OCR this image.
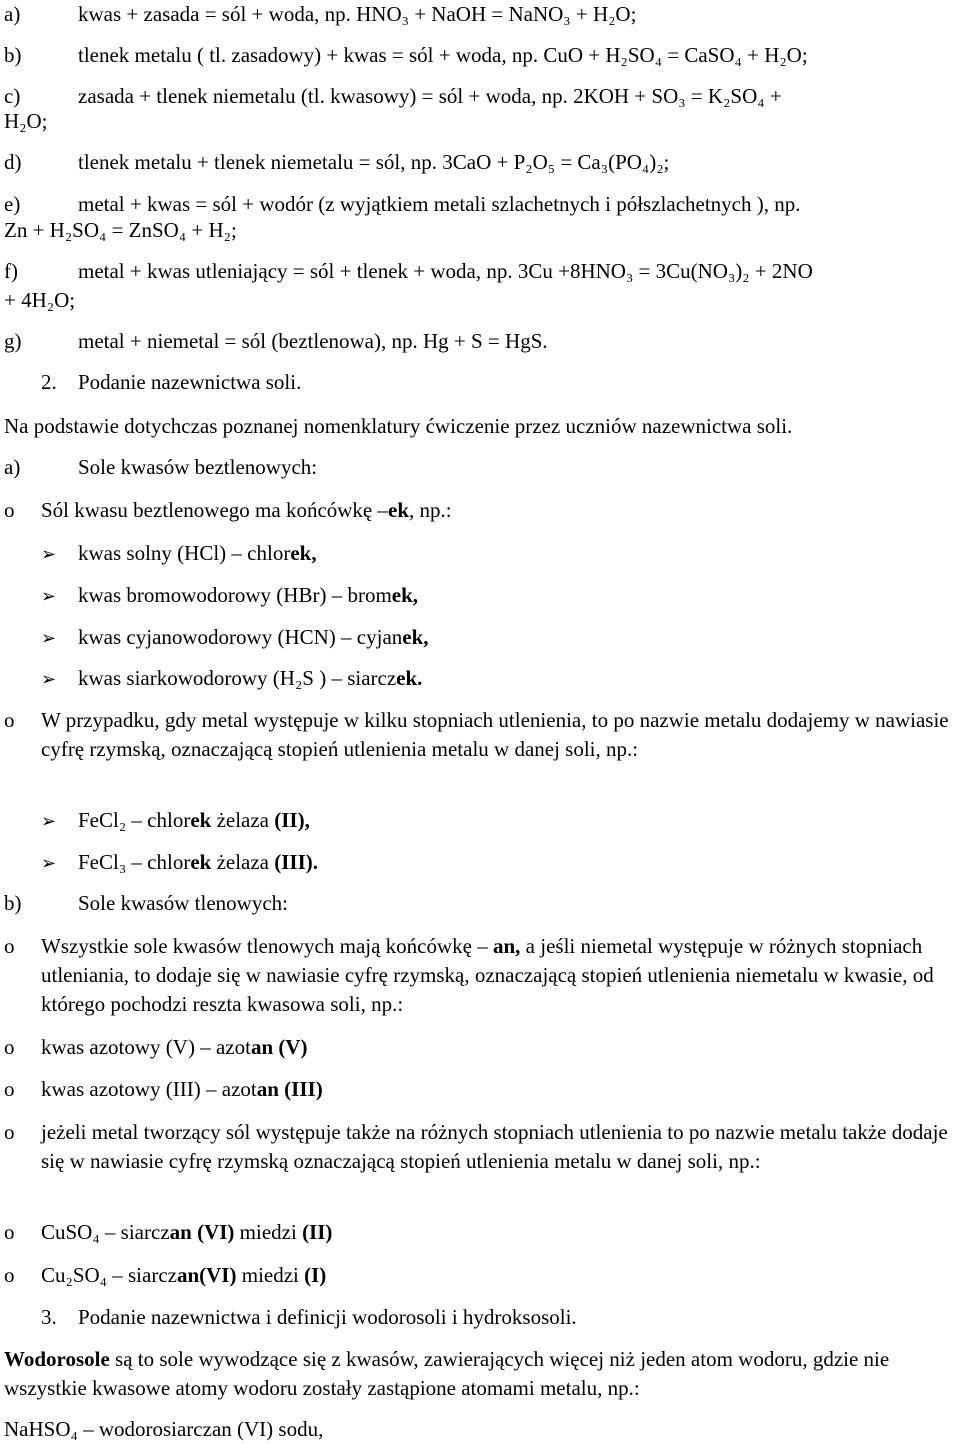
a)	kwas + zasada = sól + woda, np. HNO₃ + NaOH = NaNO₃ + H₂O;
b)	tlenek metalu ( tl. zasadowy) + kwas = sól + woda, np. CuO + H₂SO₄ = CaSO₄ + H₂O;
c)	zasada + tlenek niemetalu (tl. kwasowy) = sól + woda, np. 2KOH + SO₃ = K₂SO₄ +
H₂O;
d)	tlenek metalu + tlenek niemetalu = sól, np. 3CaO + P₂O₅ = Ca₃(PO₄)₂;
e)	metal + kwas = sól + wodór (z wyjątkiem metali szlachetnych i półszlachetnych ), np.
Zn + H₂SO₄ = ZnSO₄ + H₂;
f)	metal + kwas utleniający = sól + tlenek + woda, np. 3Cu +8HNO₃ = 3Cu(NO₃)₂ + 2NO
+ 4H₂O;
g)	metal + niemetal = sól (beztlenowa), np. Hg + S = HgS.
2. Podanie nazewnictwa soli.
Na podstawie dotychczas poznanej nomenklatury ćwiczenie przez uczniów nazewnictwa soli.
a)	Sole kwasów beztlenowych:
o Sól kwasu beztlenowego ma końcówkę –ek, np.:
➢ kwas solny (HCl) – chlorek,
➢ kwas bromowodorowy (HBr) – bromek,
➢ kwas cyjanowodorowy (HCN) – cyjanek,
➢ kwas siarkowodorowy (H₂S ) – siarczek.
o	W przypadku, gdy metal występuje w kilku stopniach utlenienia, to po nazwie metalu dodajemy w nawiasie cyfrę rzymską, oznaczającą stopień utlenienia metalu w danej soli, np.:
➢ FeCl₂ – chlorek żelaza (II),
➢ FeCl₃ – chlorek żelaza (III).
b)	Sole kwasów tlenowych:
o	Wszystkie sole kwasów tlenowych mają końcówkę – an, a jeśli niemetal występuje w różnych stopniach utleniania, to dodaje się w nawiasie cyfrę rzymską, oznaczającą stopień utlenienia niemetalu w kwasie, od którego pochodzi reszta kwasowa soli, np.:
o kwas azotowy (V) – azotan (V)
o kwas azotowy (III) – azotan (III)
o	jeżeli metal tworzący sól występuje także na różnych stopniach utlenienia to po nazwie metalu także dodaje się w nawiasie cyfrę rzymską oznaczającą stopień utlenienia metalu w danej soli, np.:
o CuSO₄ – siarczan (VI) miedzi (II)
o Cu₂SO₄ – siarczan(VI) miedzi (I)
3. Podanie nazewnictwa i definicji wodorosoli i hydroksosoli.
Wodorosole są to sole wywodzące się z kwasów, zawierających więcej niż jeden atom wodoru, gdzie nie wszystkie kwasowe atomy wodoru zostały zastąpione atomami metalu, np.:
NaHSO₄ – wodorosiarczan (VI) sodu,
